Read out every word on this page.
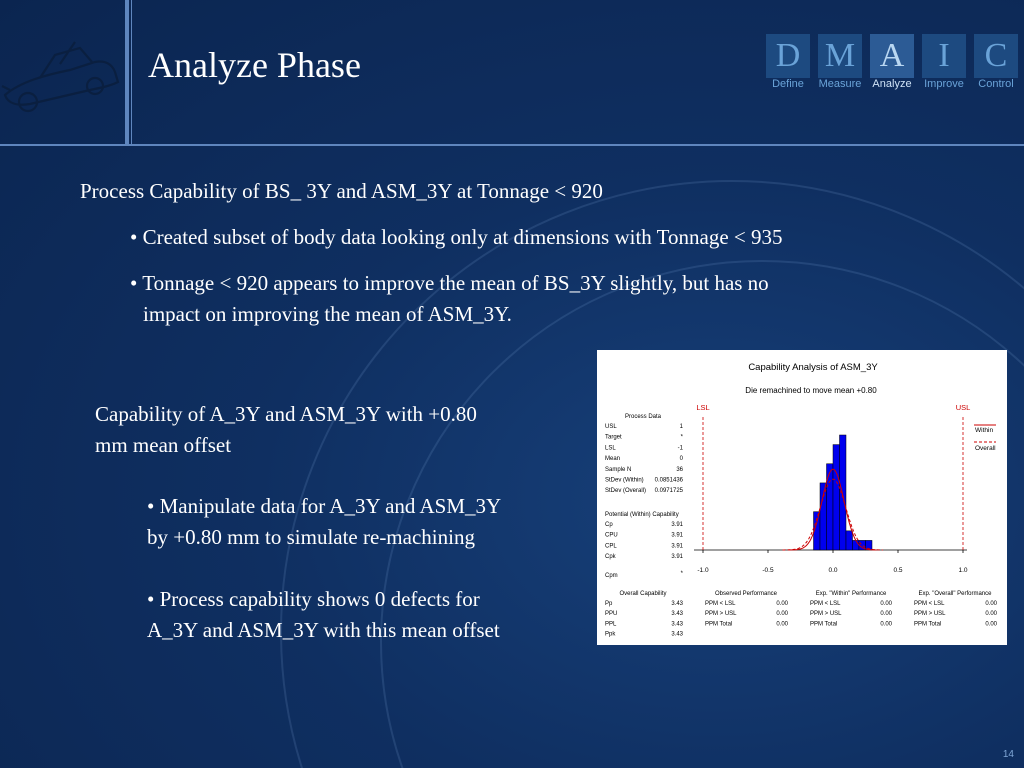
Analyze Phase	D M A	I	C
Define	Measure	Analyze	Improve	Control
Process Capability of BS_ 3Y and ASM_3Y at Tonnage < 920
• Created subset of body data looking only at dimensions with Tonnage < 935
• Tonnage < 920 appears to improve the mean of BS_3Y slightly, but has no
impact on improving the mean of ASM_3Y.
Capability of A_3Y and ASM_3Y with +0.80
mm mean offset
• Manipulate data for A_3Y and ASM_3Y
by +0.80 mm to simulate re-machining
• Process capability shows 0 defects for
A_3Y and ASM_3Y with this mean offset
Capability Analysis of ASM_3Y
Die remachined to move mean +0.80
-1.0	-0.5	0.0	0.5	1.0
LSL	USL
Within
Overall
Process Data
USL	1
Target	*
LSL	-1
Mean	0
Sample N	36
StDev (Within) 0.0851436
StDev (Overall) 0.0971725
Potential (Within) Capability
Cp	3.91
CPU	3.91
CPL	3.91
Cpk	3.91
Cpm	*
Overall Capability
Pp	3.43
PPU	3.43
PPL	3.43
Ppk	3.43
Observed Performance
PPM < LSL	0.00
PPM > USL	0.00
PPM Total	0.00
Exp. "Within" Performance
PPM < LSL	0.00
PPM > USL	0.00
PPM Total	0.00
Exp. "Overall" Performance
PPM < LSL	0.00
PPM > USL	0.00
PPM Total	0.00
14
